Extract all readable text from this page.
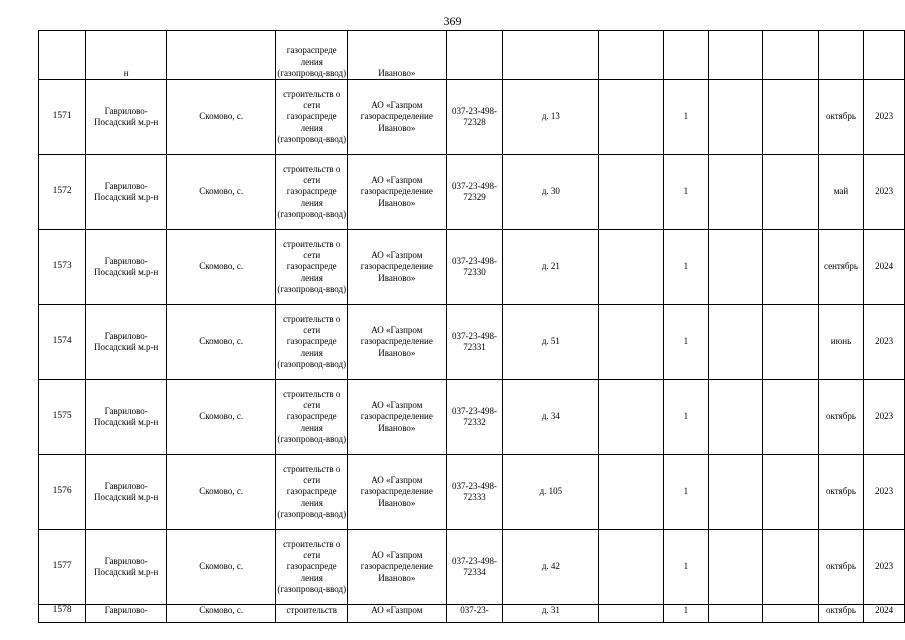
369
	н		газораспреде ления (газопровод-ввод)	Иваново»								
1571	Гаврилово-Посадский м.р-н	Скомово, с.	строительств о сети газораспреде ления (газопровод-ввод)	АО «Газпром газораспределение Иваново»	037-23-498-72328	д. 13		1			октябрь	2023
1572	Гаврилово-Посадский м.р-н	Скомово, с.	строительств о сети газораспреде ления (газопровод-ввод)	АО «Газпром газораспределение Иваново»	037-23-498-72329	д. 30		1			май	2023
1573	Гаврилово-Посадский м.р-н	Скомово, с.	строительств о сети газораспреде ления (газопровод-ввод)	АО «Газпром газораспределение Иваново»	037-23-498-72330	д. 21		1			сентябрь	2024
1574	Гаврилово-Посадский м.р-н	Скомово, с.	строительств о сети газораспреде ления (газопровод-ввод)	АО «Газпром газораспределение Иваново»	037-23-498-72331	д. 51		1			июнь	2023
1575	Гаврилово-Посадский м.р-н	Скомово, с.	строительств о сети газораспреде ления (газопровод-ввод)	АО «Газпром газораспределение Иваново»	037-23-498-72332	д. 34		1			октябрь	2023
1576	Гаврилово-Посадский м.р-н	Скомово, с.	строительств о сети газораспреде ления (газопровод-ввод)	АО «Газпром газораспределение Иваново»	037-23-498-72333	д. 105		1			октябрь	2023
1577	Гаврилово-Посадский м.р-н	Скомово, с.	строительств о сети газораспреде ления (газопровод-ввод)	АО «Газпром газораспределение Иваново»	037-23-498-72334	д. 42		1			октябрь	2023
1578	Гаврилово-	Скомово, с.	строительств	АО «Газпром	037-23-	д. 31		1			октябрь	2024
